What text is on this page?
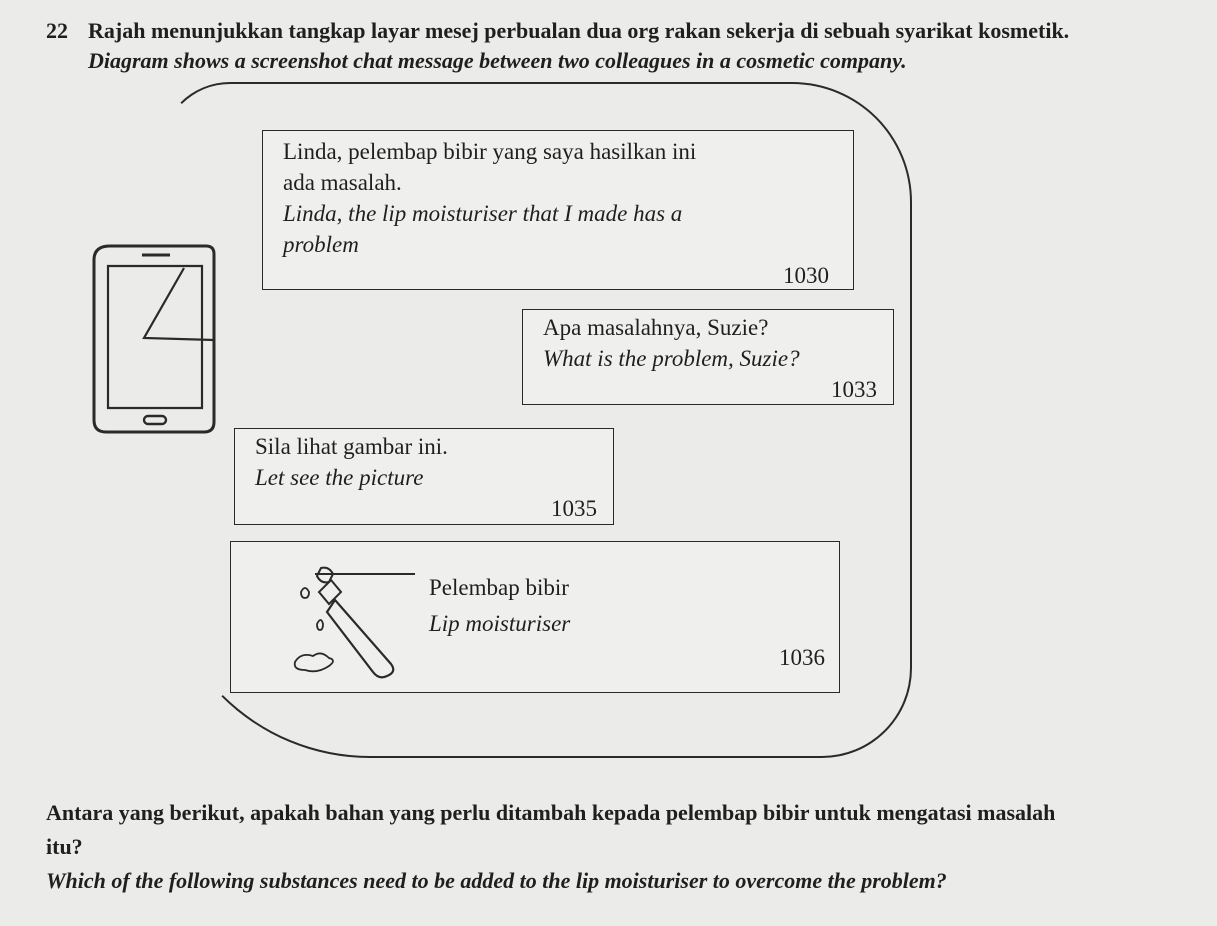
22 Rajah menunjukkan tangkap layar mesej perbualan dua org rakan sekerja di sebuah syarikat kosmetik.
Diagram shows a screenshot chat message between two colleagues in a cosmetic company.
Linda, pelembap bibir yang saya hasilkan ini
ada masalah.
Linda, the lip moisturiser that I made has a
problem
1030
Apa masalahnya, Suzie?
What is the problem, Suzie?
1033
Sila lihat gambar ini.
Let see the picture
1035
Pelembap bibir
Lip moisturiser
1036
Antara yang berikut, apakah bahan yang perlu ditambah kepada pelembap bibir untuk mengatasi masalah
itu?
Which of the following substances need to be added to the lip moisturiser to overcome the problem?
